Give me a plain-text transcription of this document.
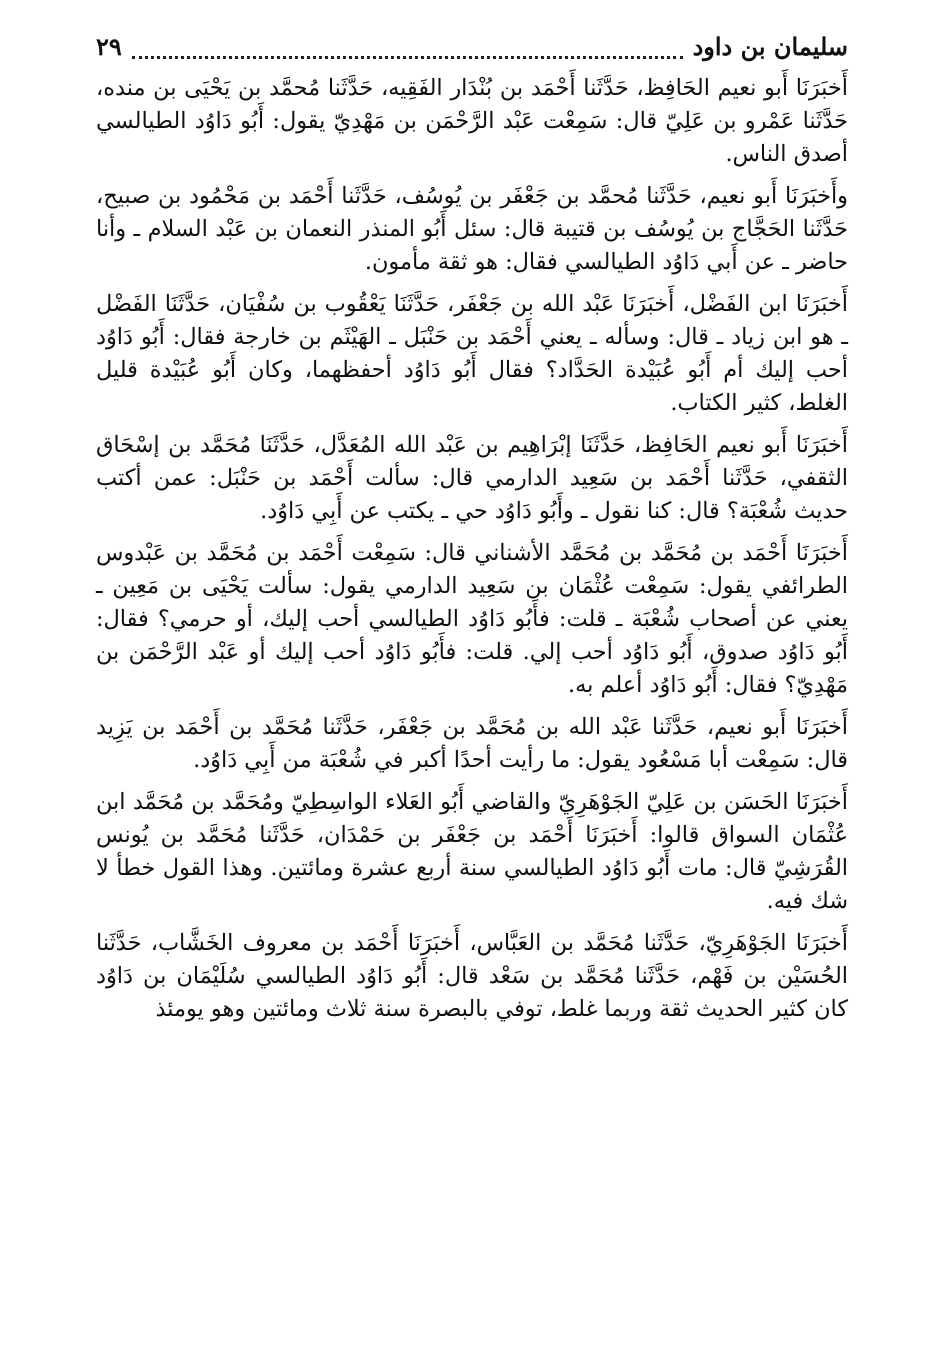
سليمان بن داود
٢٩

أَخبَرَنَا أَبو نعيم الحَافِظ، حَدَّثَنا أَحْمَد بن بُنْدَار الفَقِيه، حَدَّثَنا مُحمَّد بن يَحْيَى بن منده، حَدَّثَنا عَمْرو بن عَلِيّ قال: سَمِعْت عَبْد الرَّحْمَن بن مَهْدِيّ يقول: أَبُو دَاوُد الطيالسي أصدق الناس.

وأَخبَرَنَا أَبو نعيم، حَدَّثَنا مُحمَّد بن جَعْفَر بن يُوسُف، حَدَّثَنا أَحْمَد بن مَحْمُود بن صبيح، حَدَّثَنا الحَجَّاج بن يُوسُف بن قتيبة قال: سئل أَبُو المنذر النعمان بن عَبْد السلام ـ وأنا حاضر ـ عن أَبي دَاوُد الطيالسي فقال: هو ثقة مأمون.

أَخبَرَنَا ابن الفَضْل، أَخبَرَنَا عَبْد الله بن جَعْفَر، حَدَّثَنَا يَعْقُوب بن سُفْيَان، حَدَّثَنَا الفَضْل ـ هو ابن زياد ـ قال: وسأله ـ يعني أَحْمَد بن حَنْبَل ـ الهَيْثَم بن خارجة فقال: أَبُو دَاوُد أحب إليك أم أَبُو عُبَيْدة الحَدَّاد؟ فقال أَبُو دَاوُد أحفظهما، وكان أَبُو عُبَيْدة قليل الغلط، كثير الكتاب.

أَخبَرَنَا أَبو نعيم الحَافِظ، حَدَّثَنَا إبْرَاهِيم بن عَبْد الله المُعَدَّل، حَدَّثَنَا مُحَمَّد بن إسْحَاق الثقفي، حَدَّثَنا أَحْمَد بن سَعِيد الدارمي قال: سألت أَحْمَد بن حَنْبَل: عمن أكتب حديث شُعْبَة؟ قال: كنا نقول ـ وأَبُو دَاوُد حي ـ يكتب عن أَبِي دَاوُد.

أَخبَرَنَا أَحْمَد بن مُحَمَّد بن مُحَمَّد الأشناني قال: سَمِعْت أَحْمَد بن مُحَمَّد بن عَبْدوس الطرائفي يقول: سَمِعْت عُثْمَان بن سَعِيد الدارمي يقول: سألت يَحْيَى بن مَعِين ـ يعني عن أصحاب شُعْبَة ـ قلت: فأَبُو دَاوُد الطيالسي أحب إليك، أو حرمي؟ فقال: أَبُو دَاوُد صدوق، أَبُو دَاوُد أحب إلي. قلت: فأَبُو دَاوُد أحب إليك أو عَبْد الرَّحْمَن بن مَهْدِيّ؟ فقال: أَبُو دَاوُد أعلم به.

أَخبَرَنَا أَبو نعيم، حَدَّثَنا عَبْد الله بن مُحَمَّد بن جَعْفَر، حَدَّثَنا مُحَمَّد بن أَحْمَد بن يَزِيد قال: سَمِعْت أبا مَسْعُود يقول: ما رأيت أحدًا أكبر في شُعْبَة من أَبِي دَاوُد.

أَخبَرَنَا الحَسَن بن عَلِيّ الجَوْهَرِيّ والقاضي أَبُو العَلاء الواسِطِيّ ومُحَمَّد بن مُحَمَّد ابن عُثْمَان السواق قالوا: أَخبَرَنَا أَحْمَد بن جَعْفَر بن حَمْدَان، حَدَّثَنا مُحَمَّد بن يُونس القُرَشِيّ قال: مات أَبُو دَاوُد الطيالسي سنة أربع عشرة ومائتين. وهذا القول خطأ لا شك فيه.

أَخبَرَنَا الجَوْهَرِيّ، حَدَّثَنا مُحَمَّد بن العَبَّاس، أَخبَرَنَا أَحْمَد بن معروف الخَشَّاب، حَدَّثَنا الحُسَيْن بن فَهْم، حَدَّثَنا مُحَمَّد بن سَعْد قال: أَبُو دَاوُد الطيالسي سُلَيْمَان بن دَاوُد كان كثير الحديث ثقة وربما غلط، توفي بالبصرة سنة ثلاث ومائتين وهو يومئذ
